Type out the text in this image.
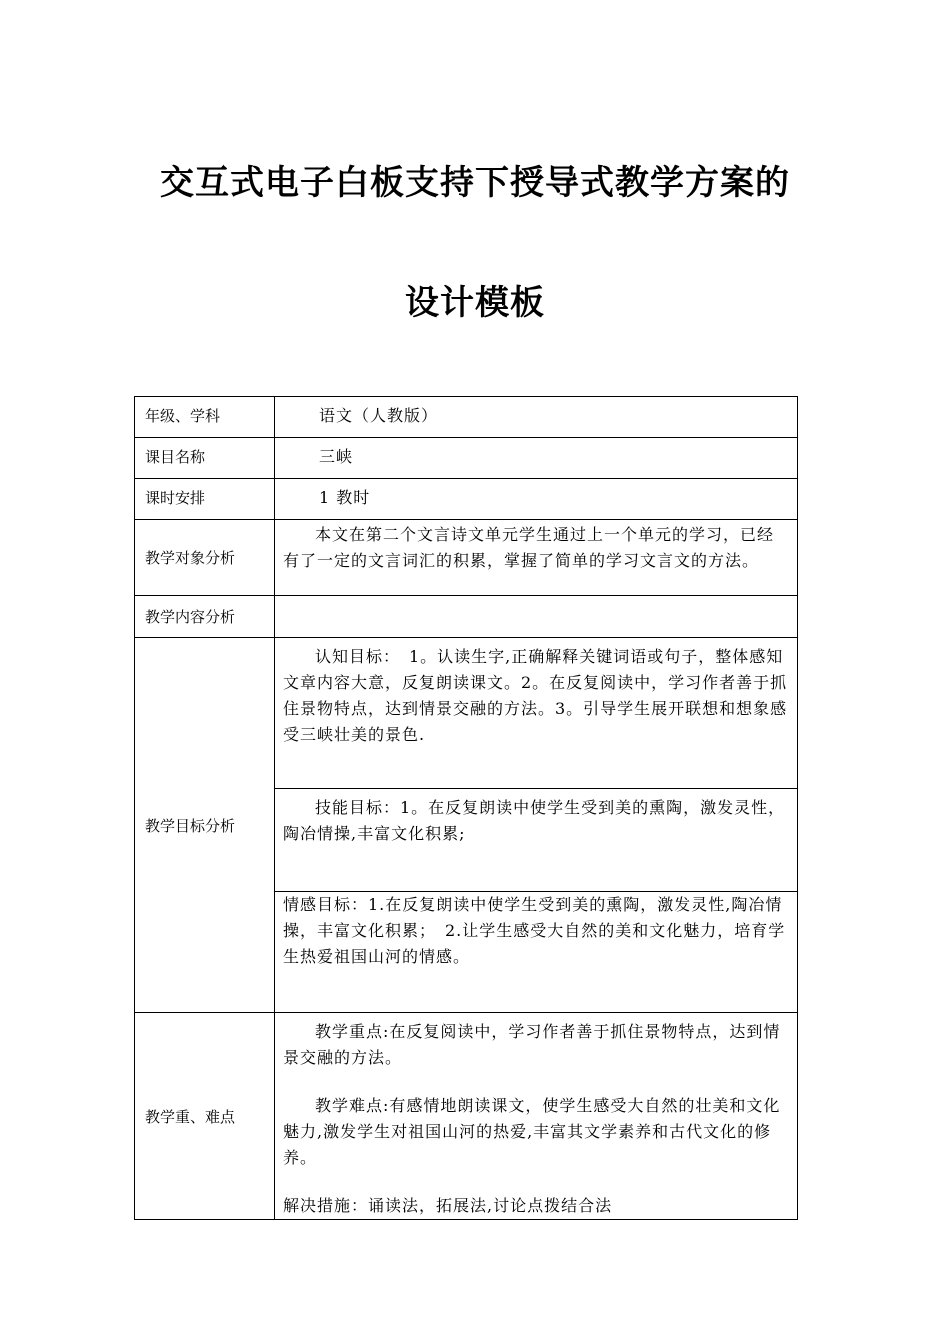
交互式电子白板支持下授导式教学方案的
设计模板
年级、学科	语文（人教版）

课目名称	三峡

课时安排	1 教时

教学对象分析	本文在第二个文言诗文单元学生通过上一个单元的学习，已经有了一定的文言词汇的积累，掌握了简单的学习文言文的方法。

教学内容分析	
教学目标分析	认知目标：　1。认读生字,正确解释关键词语或句子，整体感知文章内容大意，反复朗读课文。2。在反复阅读中，学习作者善于抓住景物特点，达到情景交融的方法。3。引导学生展开联想和想象感受三峡壮美的景色.

	技能目标：1。在反复朗读中使学生受到美的熏陶，激发灵性，陶冶情操,丰富文化积累;

	情感目标：1.在反复朗读中使学生受到美的熏陶，激发灵性,陶冶情操，丰富文化积累；　2.让学生感受大自然的美和文化魅力，培育学生热爱祖国山河的情感。

教学重、难点	教学重点:在反复阅读中，学习作者善于抓住景物特点，达到情景交融的方法。

教学难点:有感情地朗读课文，使学生感受大自然的壮美和文化魅力,激发学生对祖国山河的热爱,丰富其文学素养和古代文化的修养。

解决措施：诵读法，拓展法,讨论点拨结合法
